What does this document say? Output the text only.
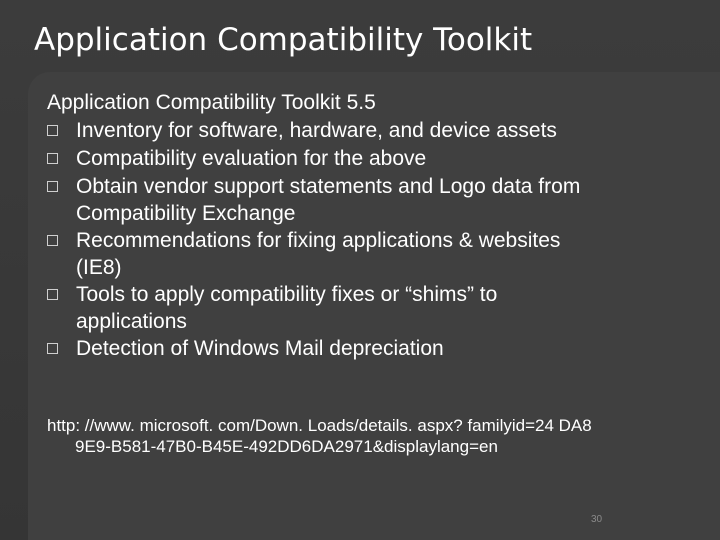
Application Compatibility Toolkit

Application Compatibility Toolkit 5.5

Inventory for software, hardware, and device assets
Compatibility evaluation for the above
Obtain vendor support statements and Logo data from
Compatibility Exchange
Recommendations for fixing applications & websites
(IE8)
Tools to apply compatibility fixes or “shims” to
applications
Detection of Windows Mail depreciation
http: //www. microsoft. com/Down. Loads/details. aspx? familyid=24 DA8
9E9-B581-47B0-B45E-492DD6DA2971&displaylang=en
30
